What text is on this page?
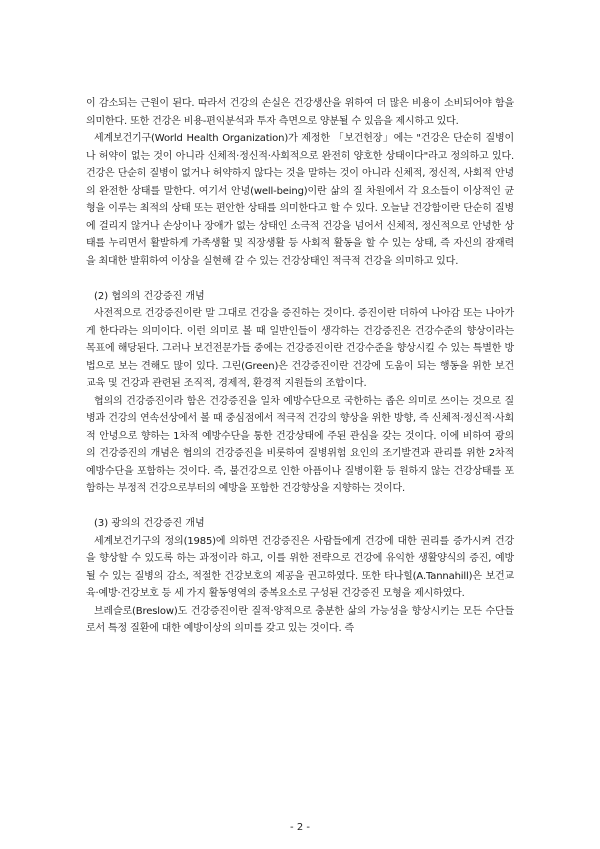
이 감소되는 근원이 된다. 따라서 건강의 손실은 건강생산을 위하여 더 많은 비용이 소비되어야 함을 의미한다. 또한 건강은 비용-편익분석과 투자 측면으로 양분될 수 있음을 제시하고 있다.

세계보건기구(World Health Organization)가 제정한 「보건헌장」에는 "건강은 단순히 질병이나 허약이 없는 것이 아니라 신체적·정신적·사회적으로 완전히 양호한 상태이다"라고 정의하고 있다. 건강은 단순히 질병이 없거나 허약하지 않다는 것을 말하는 것이 아니라 신체적, 정신적, 사회적 안녕의 완전한 상태를 말한다. 여기서 안녕(well-being)이란 삶의 질 차원에서 각 요소들이 이상적인 균형을 이루는 최적의 상태 또는 편안한 상태를 의미한다고 할 수 있다. 오늘날 건강함이란 단순히 질병에 걸리지 않거나 손상이나 장애가 없는 상태인 소극적 건강을 넘어서 신체적, 정신적으로 안녕한 상태를 누리면서 활발하게 가족생활 및 직장생활 등 사회적 활동을 할 수 있는 상태, 즉 자신의 잠재력을 최대한 발휘하여 이상을 실현해 갈 수 있는 건강상태인 적극적 건강을 의미하고 있다.

(2) 협의의 건강증진 개념

사전적으로 건강증진이란 말 그대로 건강을 증진하는 것이다. 증진이란 더하여 나아감 또는 나아가게 한다라는 의미이다. 이런 의미로 볼 때 일반인들이 생각하는 건강증진은 건강수준의 향상이라는 목표에 해당된다. 그러나 보건전문가들 중에는 건강증진이란 건강수준을 향상시킬 수 있는 특별한 방법으로 보는 견해도 많이 있다. 그린(Green)은 건강증진이란 건강에 도움이 되는 행동을 위한 보건교육 및 건강과 관련된 조직적, 경제적, 환경적 지원들의 조합이다.

협의의 건강증진이라 함은 건강증진을 일차 예방수단으로 국한하는 좁은 의미로 쓰이는 것으로 질병과 건강의 연속선상에서 볼 때 중심점에서 적극적 건강의 향상을 위한 방향, 즉 신체적·정신적·사회적 안녕으로 향하는 1차적 예방수단을 통한 건강상태에 주된 관심을 갖는 것이다. 이에 비하여 광의의 건강증진의 개념은 협의의 건강증진을 비롯하여 질병위험 요인의 조기발견과 관리를 위한 2차적 예방수단을 포함하는 것이다. 즉, 불건강으로 인한 아픔이나 질병이환 등 원하지 않는 건강상태를 포함하는 부정적 건강으로부터의 예방을 포함한 건강향상을 지향하는 것이다.

(3) 광의의 건강증진 개념

세계보건기구의 정의(1985)에 의하면 건강증진은 사람들에게 건강에 대한 권리를 증가시켜 건강을 향상할 수 있도록 하는 과정이라 하고, 이를 위한 전략으로 건강에 유익한 생활양식의 증진, 예방될 수 있는 질병의 감소, 적절한 건강보호의 제공을 권고하였다. 또한 타나힐(A.Tannahill)은 보건교육·예방·건강보호 등 세 가지 활동영역의 중복요소로 구성된 건강증진 모형을 제시하였다.

브레슬로(Breslow)도 건강증진이란 질적·양적으로 충분한 삶의 가능성을 향상시키는 모든 수단들로서 특정 질환에 대한 예방이상의 의미를 갖고 있는 것이다. 즉

- 2 -
